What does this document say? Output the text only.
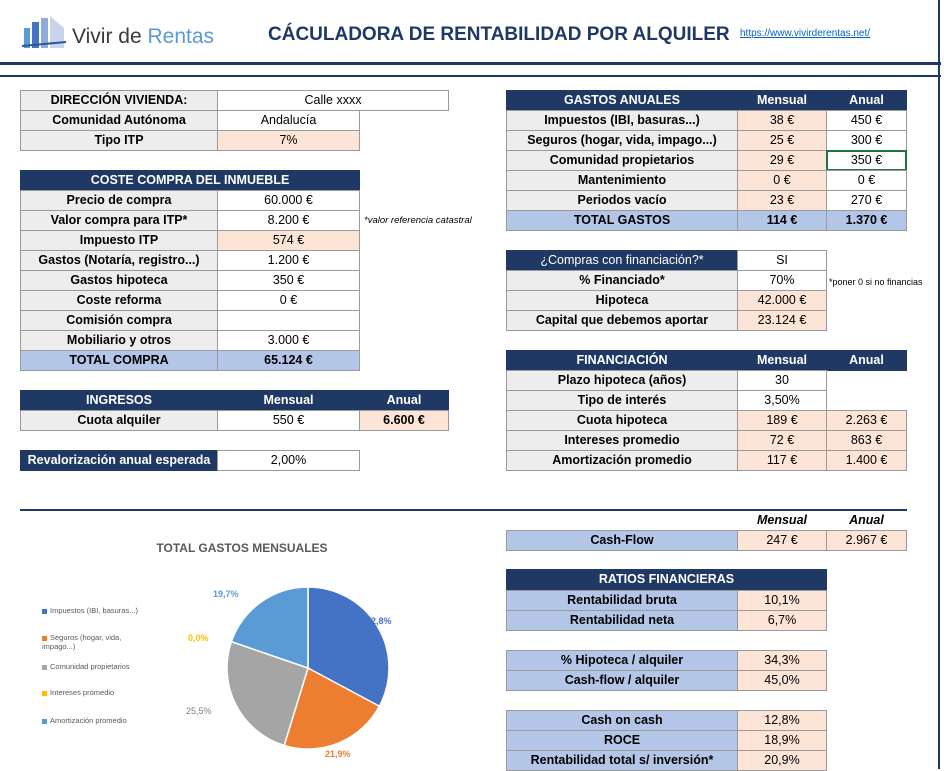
Vivir de Rentas	CÁCULADORA DE RENTABILIDAD POR ALQUILER https://www.vivirderentas.net/
DIRECCIÓN VIVIENDA:	Calle xxxx
Comunidad Autónoma	Andalucía
Tipo ITP	7%
COSTE COMPRA DEL INMUEBLE
Precio de compra	60.000 €
Valor compra para ITP*	8.200 €
Impuesto ITP	574 €
Gastos (Notaría, registro...)	1.200 €
Gastos hipoteca	350 €
Coste reforma	0 €
Comisión compra
Mobiliario y otros	3.000 €
TOTAL COMPRA	65.124 €
*valor referencia catastral
INGRESOS	Mensual	Anual
Cuota alquiler	550 €	6.600 €
Revalorización anual esperada	2,00%
GASTOS ANUALES	Mensual	Anual
Impuestos (IBI, basuras...)	38 €	450 €
Seguros (hogar, vida, impago...)	25 €	300 €
Comunidad propietarios	29 €	350 €
Mantenimiento	0 €	0 €
Periodos vacío	23 €	270 €
TOTAL GASTOS	114 €	1.370 €
¿Compras con financiación?*	SI
% Financiado*	70%
Hipoteca	42.000 €
Capital que debemos aportar	23.124 €
*poner 0 si no financias
FINANCIACIÓN	Mensual	Anual
Plazo hipoteca (años)	30
Tipo de interés	3,50%
Cuota hipoteca	189 €	2.263 €
Intereses promedio	72 €	863 €
Amortización promedio	117 €	1.400 €
Mensual	Anual
Cash-Flow	247 €	2.967 €
RATIOS FINANCIERAS
Rentabilidad bruta	10,1%
Rentabilidad neta	6,7%
% Hipoteca / alquiler	34,3%
Cash-flow / alquiler	45,0%
Cash on cash	12,8%
ROCE	18,9%
Rentabilidad total s/ inversión*	20,9%
TOTAL GASTOS MENSUALES
Impuestos (IBI, basuras...)
Seguros (hogar, vida, impago...)
Comunidad propietarios
Intereses promedio
Amortización promedio
32,8%
21,9%
25,5%
0,0%
19,7%
